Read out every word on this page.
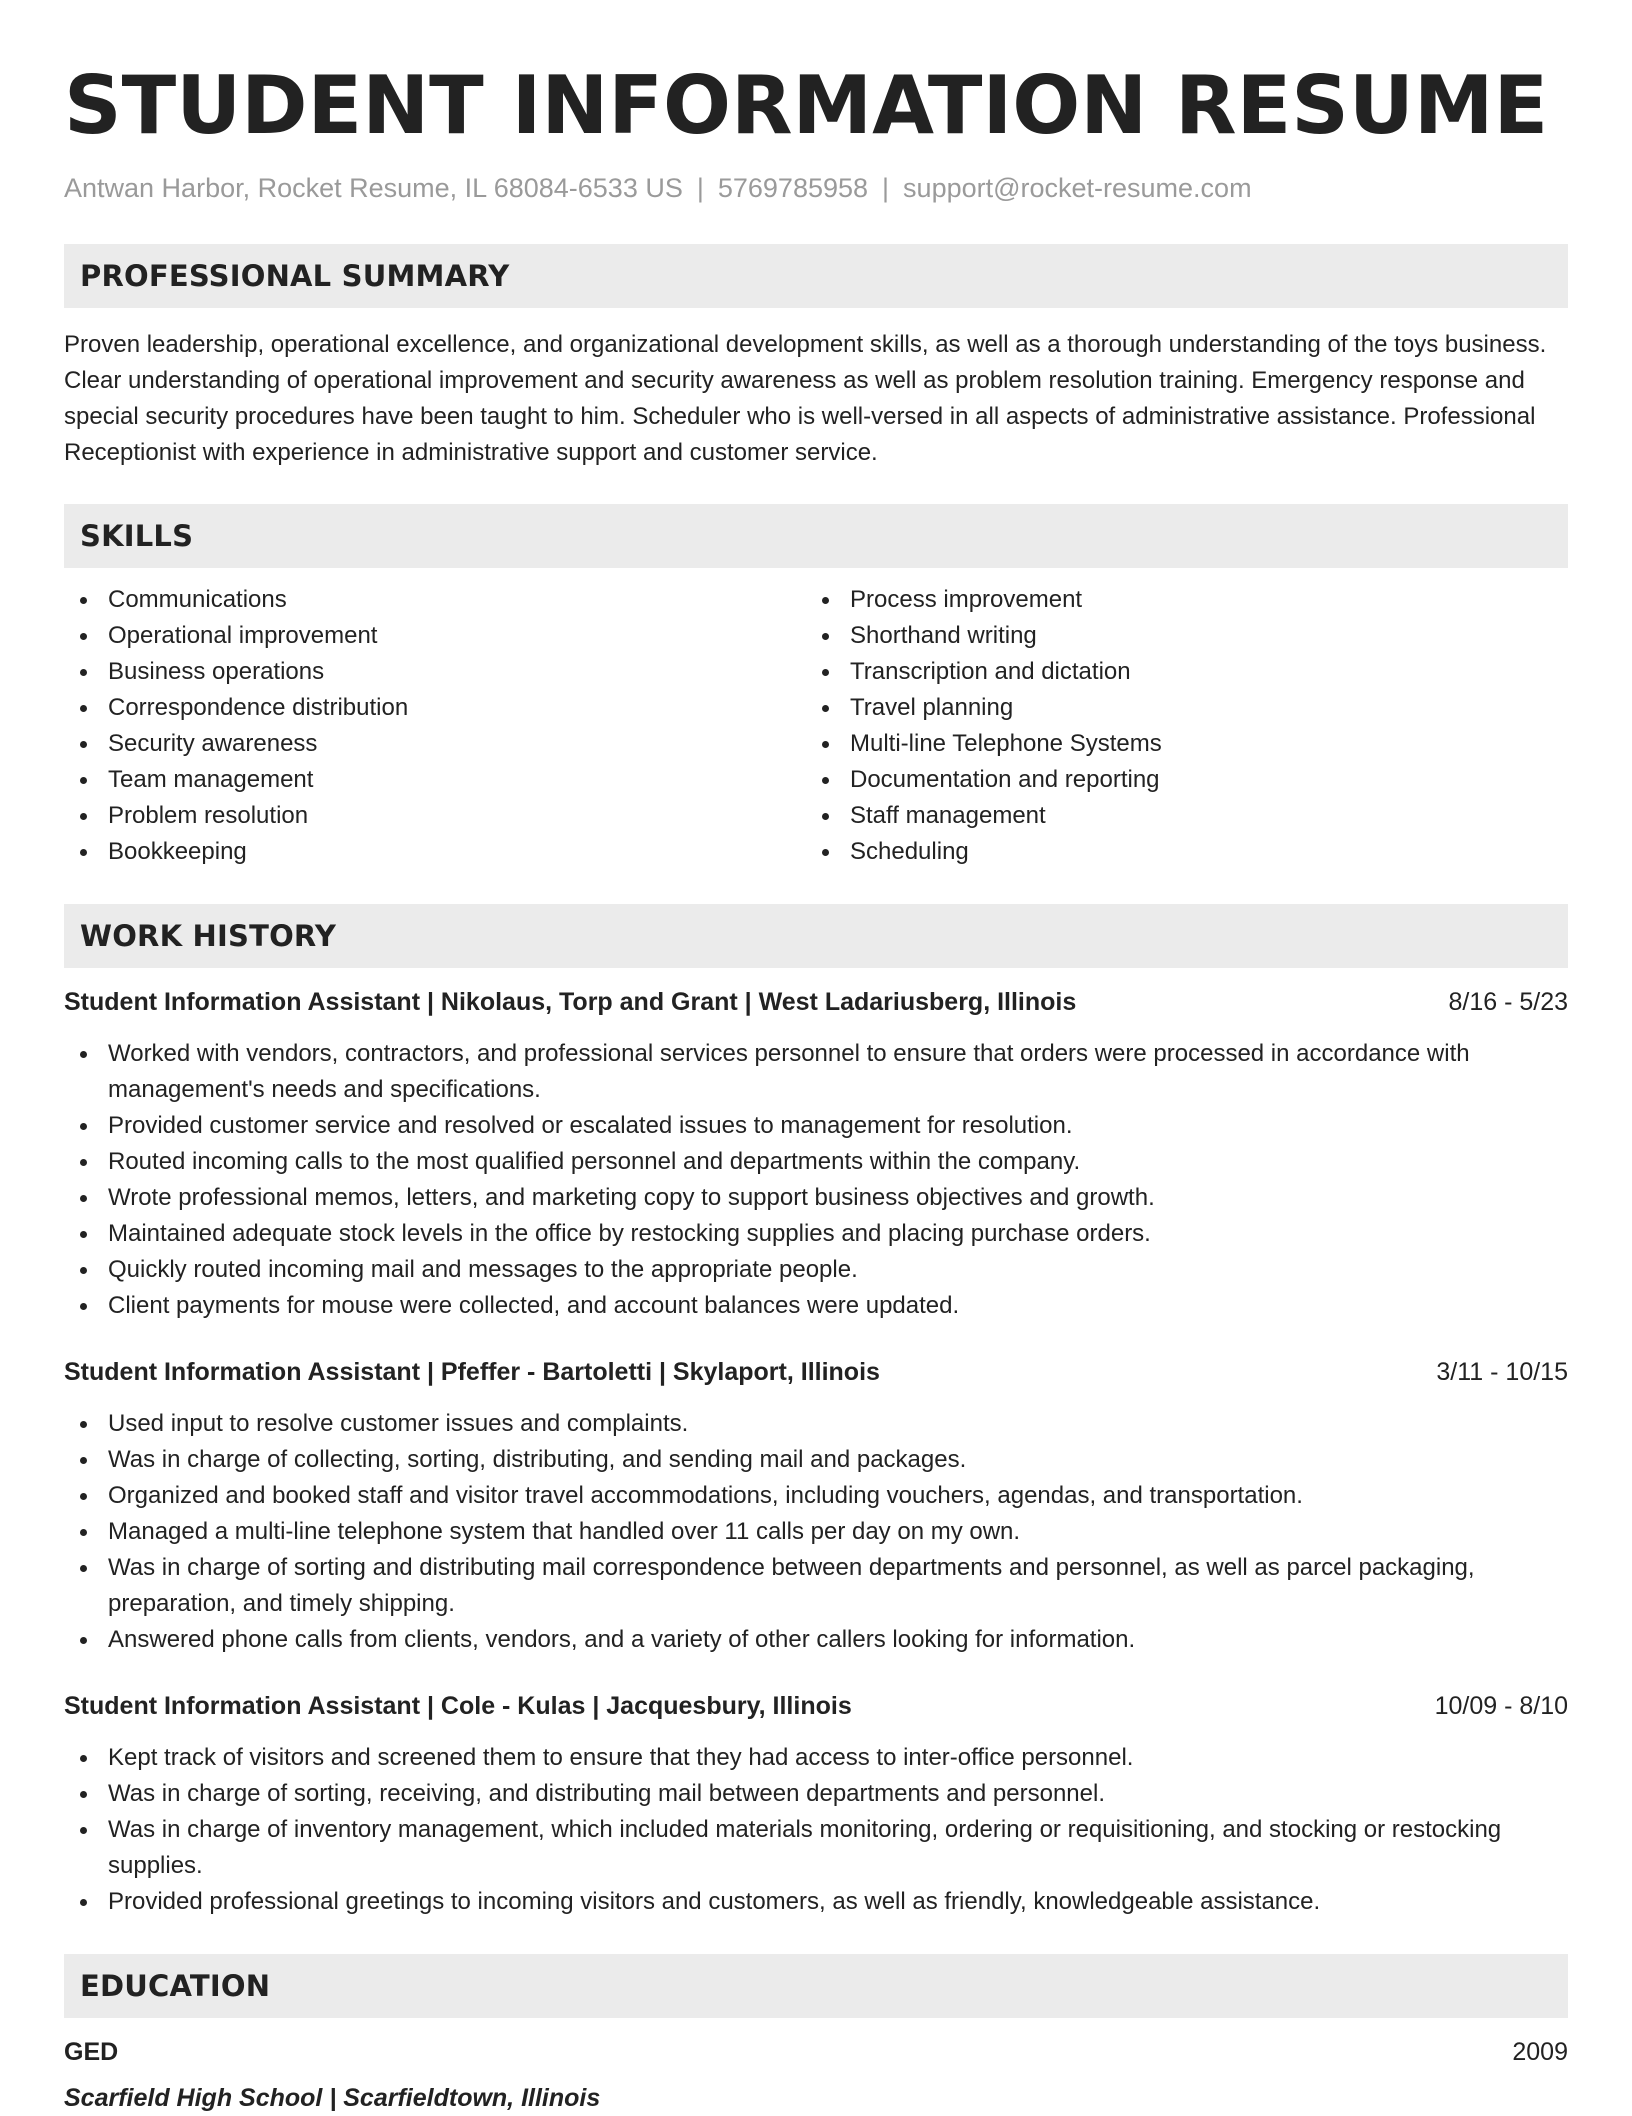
STUDENT INFORMATION RESUME
Antwan Harbor, Rocket Resume, IL 68084-6533 US | 5769785958 | support@rocket-resume.com
PROFESSIONAL SUMMARY

Proven leadership, operational excellence, and organizational development skills, as well as a thorough understanding of the toys business. Clear understanding of operational improvement and security awareness as well as problem resolution training. Emergency response and special security procedures have been taught to him. Scheduler who is well-versed in all aspects of administrative assistance. Professional Receptionist with experience in administrative support and customer service.

SKILLS
Communications
Operational improvement
Business operations
Correspondence distribution
Security awareness
Team management
Problem resolution
Bookkeeping
Process improvement
Shorthand writing
Transcription and dictation
Travel planning
Multi-line Telephone Systems
Documentation and reporting
Staff management
Scheduling
WORK HISTORY
Student Information Assistant | Nikolaus, Torp and Grant | West Ladariusberg, Illinois	8/16 - 5/23
Worked with vendors, contractors, and professional services personnel to ensure that orders were processed in accordance with management's needs and specifications.
Provided customer service and resolved or escalated issues to management for resolution.
Routed incoming calls to the most qualified personnel and departments within the company.
Wrote professional memos, letters, and marketing copy to support business objectives and growth.
Maintained adequate stock levels in the office by restocking supplies and placing purchase orders.
Quickly routed incoming mail and messages to the appropriate people.
Client payments for mouse were collected, and account balances were updated.
Student Information Assistant | Pfeffer - Bartoletti | Skylaport, Illinois	3/11 - 10/15
Used input to resolve customer issues and complaints.
Was in charge of collecting, sorting, distributing, and sending mail and packages.
Organized and booked staff and visitor travel accommodations, including vouchers, agendas, and transportation.
Managed a multi-line telephone system that handled over 11 calls per day on my own.
Was in charge of sorting and distributing mail correspondence between departments and personnel, as well as parcel packaging, preparation, and timely shipping.
Answered phone calls from clients, vendors, and a variety of other callers looking for information.
Student Information Assistant | Cole - Kulas | Jacquesbury, Illinois	10/09 - 8/10
Kept track of visitors and screened them to ensure that they had access to inter-office personnel.
Was in charge of sorting, receiving, and distributing mail between departments and personnel.
Was in charge of inventory management, which included materials monitoring, ordering or requisitioning, and stocking or restocking supplies.
Provided professional greetings to incoming visitors and customers, as well as friendly, knowledgeable assistance.
EDUCATION
GED	2009
Scarfield High School | Scarfieldtown, Illinois
